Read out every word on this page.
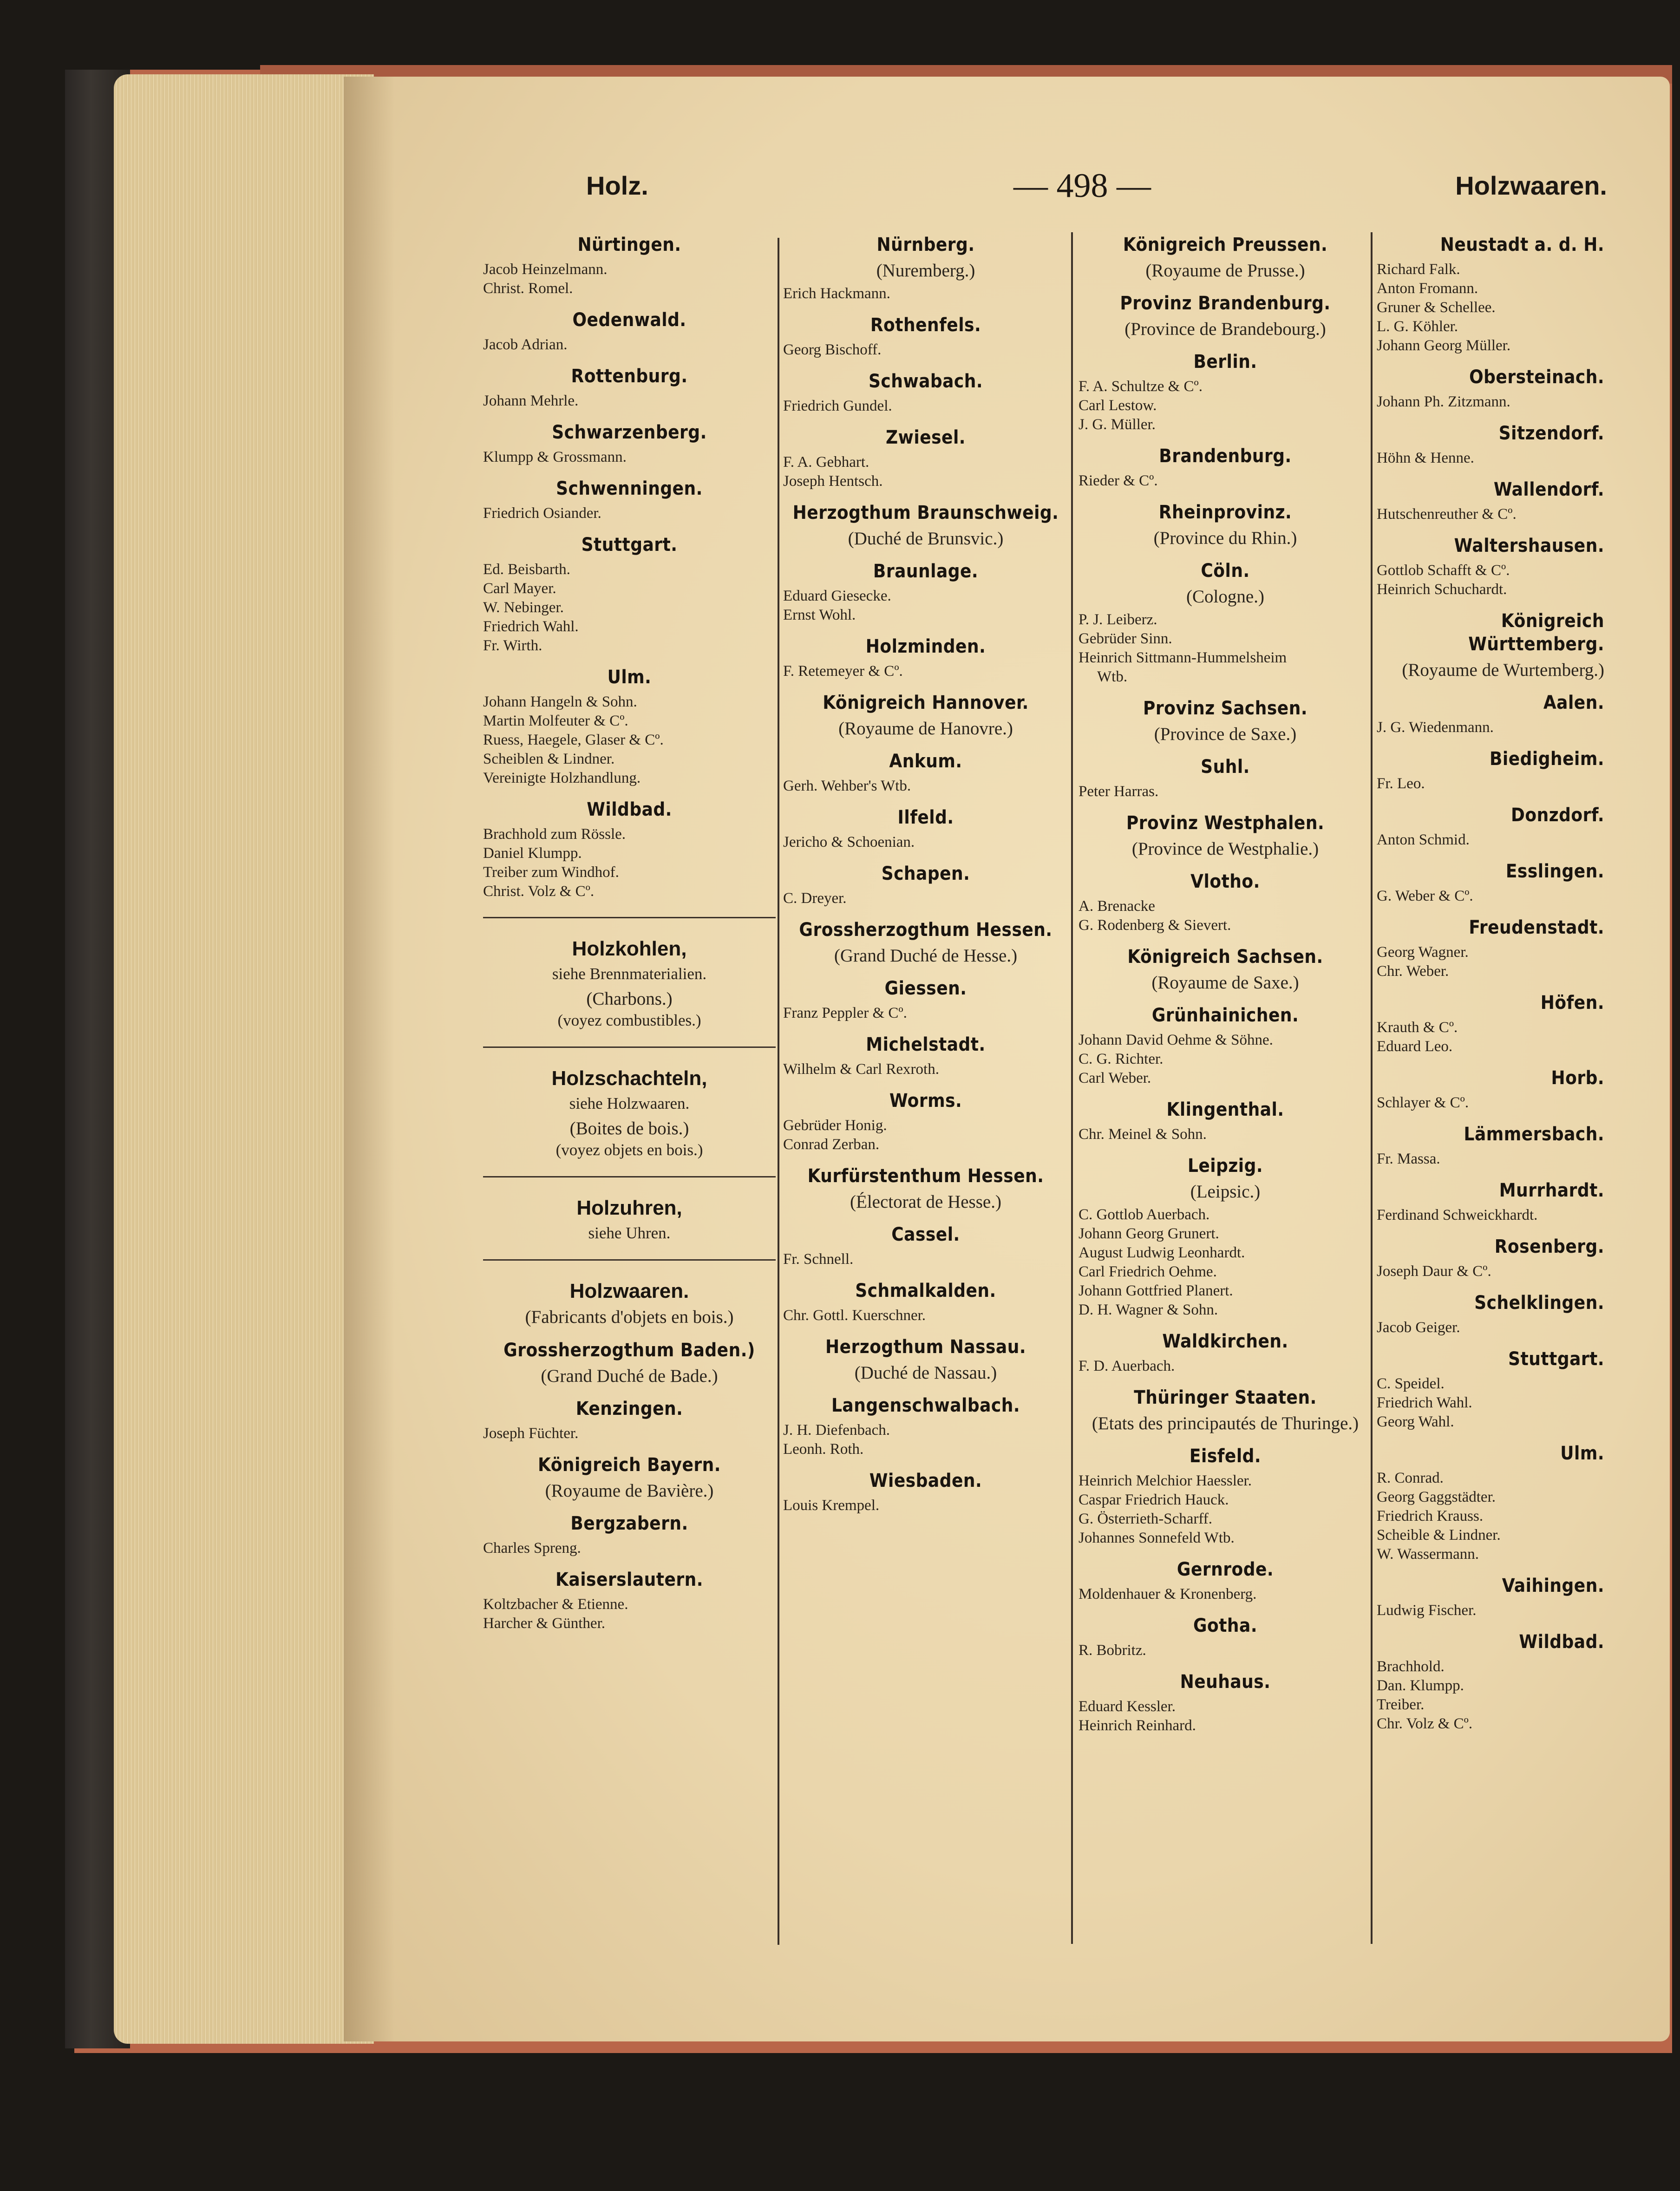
Holz.	— 498 —	Holzwaaren.
Nürtingen.
Jacob Heinzelmann.
Christ. Romel.
Oedenwald.
Jacob Adrian.
Rottenburg.
Johann Mehrle.
Schwarzenberg.
Klumpp & Grossmann.
Schwenningen.
Friedrich Osiander.
Stuttgart.
Ed. Beisbarth.
Carl Mayer.
W. Nebinger.
Friedrich Wahl.
Fr. Wirth.
Ulm.
Johann Hangeln & Sohn.
Martin Molfeuter & Cº.
Ruess, Haegele, Glaser & Cº.
Scheiblen & Lindner.
Vereinigte Holzhandlung.
Wildbad.
Brachhold zum Rössle.
Daniel Klumpp.
Treiber zum Windhof.
Christ. Volz & Cº.
Holzkohlen,
siehe Brennmaterialien.
(Charbons.)
(voyez combustibles.)
Holzschachteln,
siehe Holzwaaren.
(Boites de bois.)
(voyez objets en bois.)
Holzuhren,
siehe Uhren.
Holzwaaren.
(Fabricants d'objets en bois.)
Grossherzogthum Baden.)
(Grand Duché de Bade.)
Kenzingen.
Joseph Füchter.
Königreich Bayern.
(Royaume de Bavière.)
Bergzabern.
Charles Spreng.
Kaiserslautern.
Koltzbacher & Etienne.
Harcher & Günther.
Nürnberg.
(Nuremberg.)
Erich Hackmann.
Rothenfels.
Georg Bischoff.
Schwabach.
Friedrich Gundel.
Zwiesel.
F. A. Gebhart.
Joseph Hentsch.
Herzogthum Braunschweig.
(Duché de Brunsvic.)
Braunlage.
Eduard Giesecke.
Ernst Wohl.
Holzminden.
F. Retemeyer & Cº.
Königreich Hannover.
(Royaume de Hanovre.)
Ankum.
Gerh. Wehber's Wtb.
Ilfeld.
Jericho & Schoenian.
Schapen.
C. Dreyer.
Grossherzogthum Hessen.
(Grand Duché de Hesse.)
Giessen.
Franz Peppler & Cº.
Michelstadt.
Wilhelm & Carl Rexroth.
Worms.
Gebrüder Honig.
Conrad Zerban.
Kurfürstenthum Hessen.
(Électorat de Hesse.)
Cassel.
Fr. Schnell.
Schmalkalden.
Chr. Gottl. Kuerschner.
Herzogthum Nassau.
(Duché de Nassau.)
Langenschwalbach.
J. H. Diefenbach.
Leonh. Roth.
Wiesbaden.
Louis Krempel.
Königreich Preussen.
(Royaume de Prusse.)
Provinz Brandenburg.
(Province de Brandebourg.)
Berlin.
F. A. Schultze & Cº.
Carl Lestow.
J. G. Müller.
Brandenburg.
Rieder & Cº.
Rheinprovinz.
(Province du Rhin.)
Cöln.
(Cologne.)
P. J. Leiberz.
Gebrüder Sinn.
Heinrich Sittmann-Hummelsheim
Wtb.
Provinz Sachsen.
(Province de Saxe.)
Suhl.
Peter Harras.
Provinz Westphalen.
(Province de Westphalie.)
Vlotho.
A. Brenacke
G. Rodenberg & Sievert.
Königreich Sachsen.
(Royaume de Saxe.)
Grünhainichen.
Johann David Oehme & Söhne.
C. G. Richter.
Carl Weber.
Klingenthal.
Chr. Meinel & Sohn.
Leipzig.
(Leipsic.)
C. Gottlob Auerbach.
Johann Georg Grunert.
August Ludwig Leonhardt.
Carl Friedrich Oehme.
Johann Gottfried Planert.
D. H. Wagner & Sohn.
Waldkirchen.
F. D. Auerbach.
Thüringer Staaten.
(Etats des principautés de Thuringe.)
Eisfeld.
Heinrich Melchior Haessler.
Caspar Friedrich Hauck.
G. Österrieth-Scharff.
Johannes Sonnefeld Wtb.
Gernrode.
Moldenhauer & Kronenberg.
Gotha.
R. Bobritz.
Neuhaus.
Eduard Kessler.
Heinrich Reinhard.
Neustadt a. d. H.
Richard Falk.
Anton Fromann.
Gruner & Schellee.
L. G. Köhler.
Johann Georg Müller.
Obersteinach.
Johann Ph. Zitzmann.
Sitzendorf.
Höhn & Henne.
Wallendorf.
Hutschenreuther & Cº.
Waltershausen.
Gottlob Schafft & Cº.
Heinrich Schuchardt.
Königreich Württemberg.
(Royaume de Wurtemberg.)
Aalen.
J. G. Wiedenmann.
Biedigheim.
Fr. Leo.
Donzdorf.
Anton Schmid.
Esslingen.
G. Weber & Cº.
Freudenstadt.
Georg Wagner.
Chr. Weber.
Höfen.
Krauth & Cº.
Eduard Leo.
Horb.
Schlayer & Cº.
Lämmersbach.
Fr. Massa.
Murrhardt.
Ferdinand Schweickhardt.
Rosenberg.
Joseph Daur & Cº.
Schelklingen.
Jacob Geiger.
Stuttgart.
C. Speidel.
Friedrich Wahl.
Georg Wahl.
Ulm.
R. Conrad.
Georg Gaggstädter.
Friedrich Krauss.
Scheible & Lindner.
W. Wassermann.
Vaihingen.
Ludwig Fischer.
Wildbad.
Brachhold.
Dan. Klumpp.
Treiber.
Chr. Volz & Cº.
